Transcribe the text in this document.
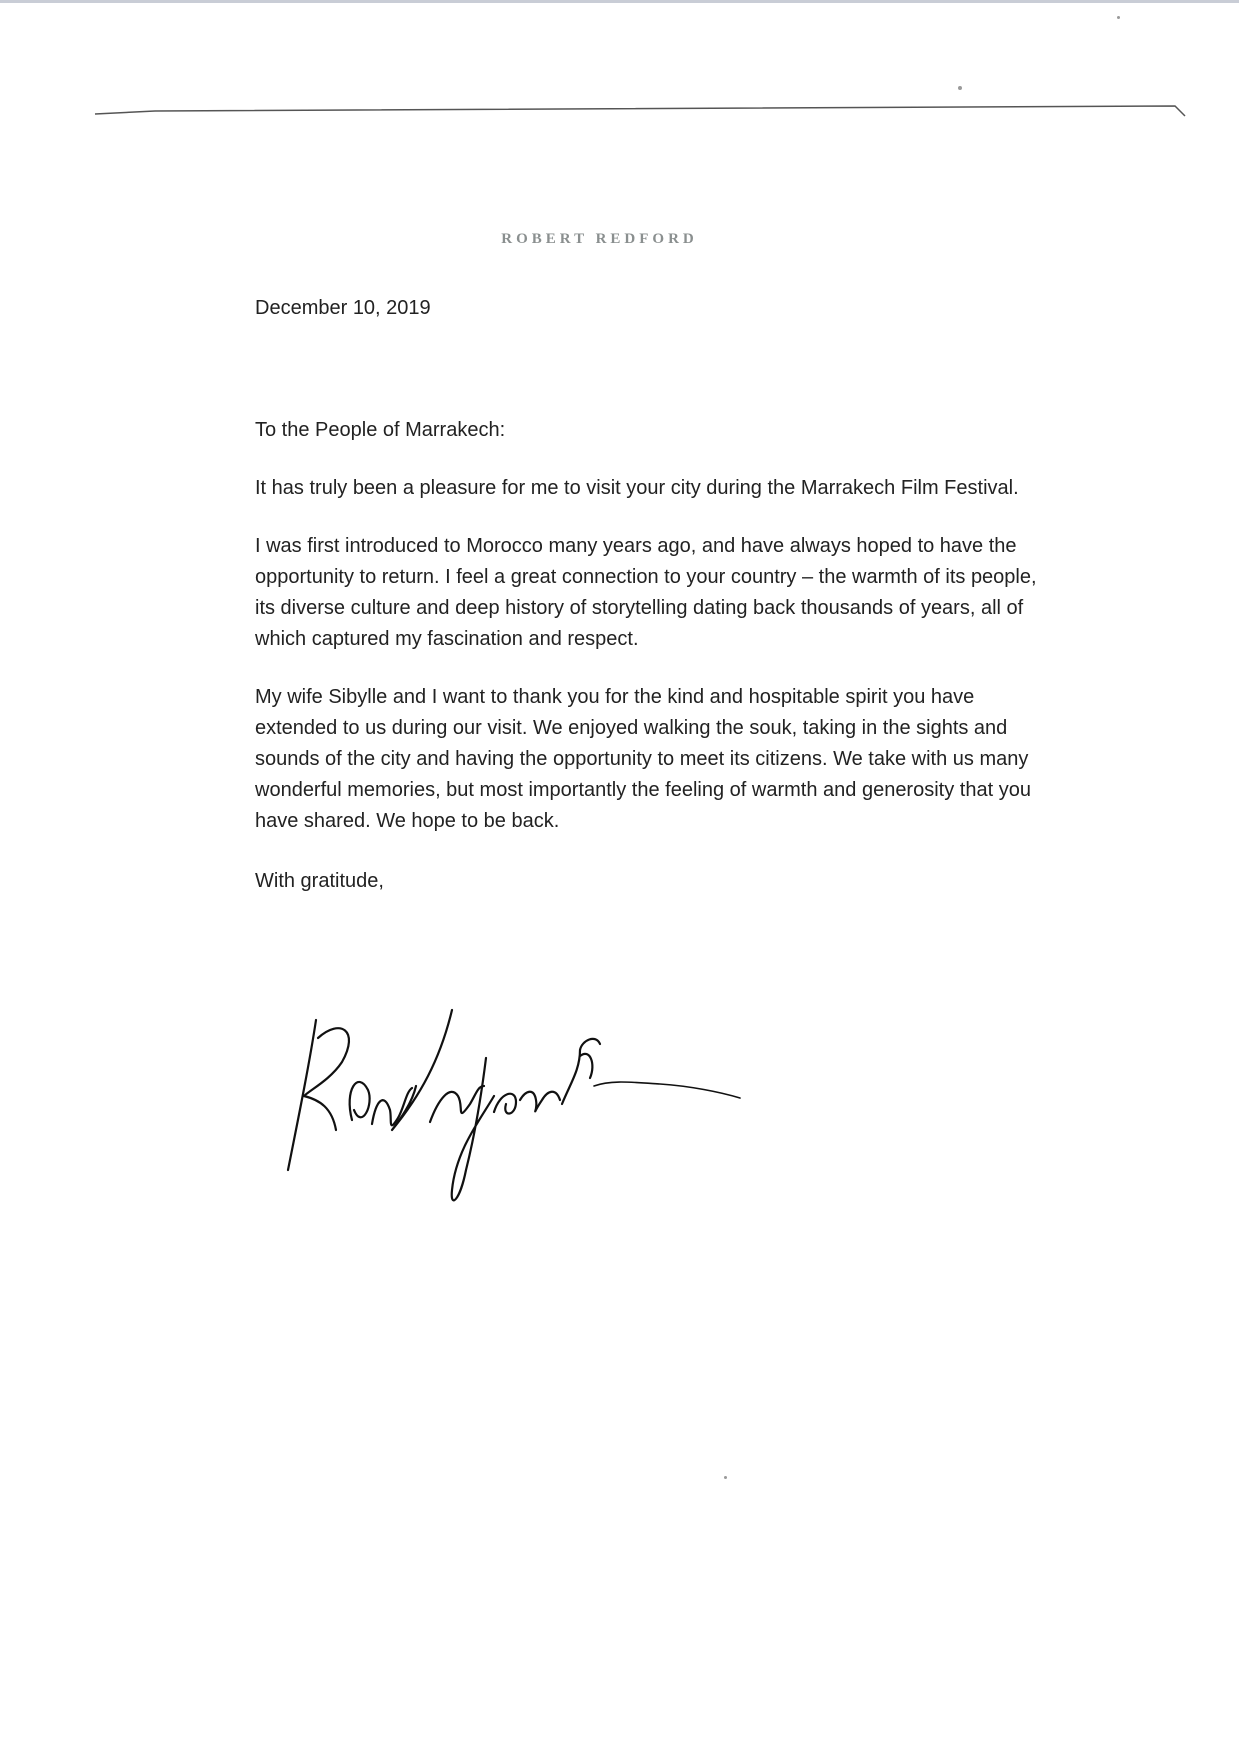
ROBERT REDFORD

December 10, 2019

To the People of Marrakech:

It has truly been a pleasure for me to visit your city during the Marrakech Film Festival.

I was first introduced to Morocco many years ago, and have always hoped to have the opportunity to return. I feel a great connection to your country – the warmth of its people, its diverse culture and deep history of storytelling dating back thousands of years, all of which captured my fascination and respect.

My wife Sibylle and I want to thank you for the kind and hospitable spirit you have extended to us during our visit. We enjoyed walking the souk, taking in the sights and sounds of the city and having the opportunity to meet its citizens. We take with us many wonderful memories, but most importantly the feeling of warmth and generosity that you have shared. We hope to be back.

With gratitude,
